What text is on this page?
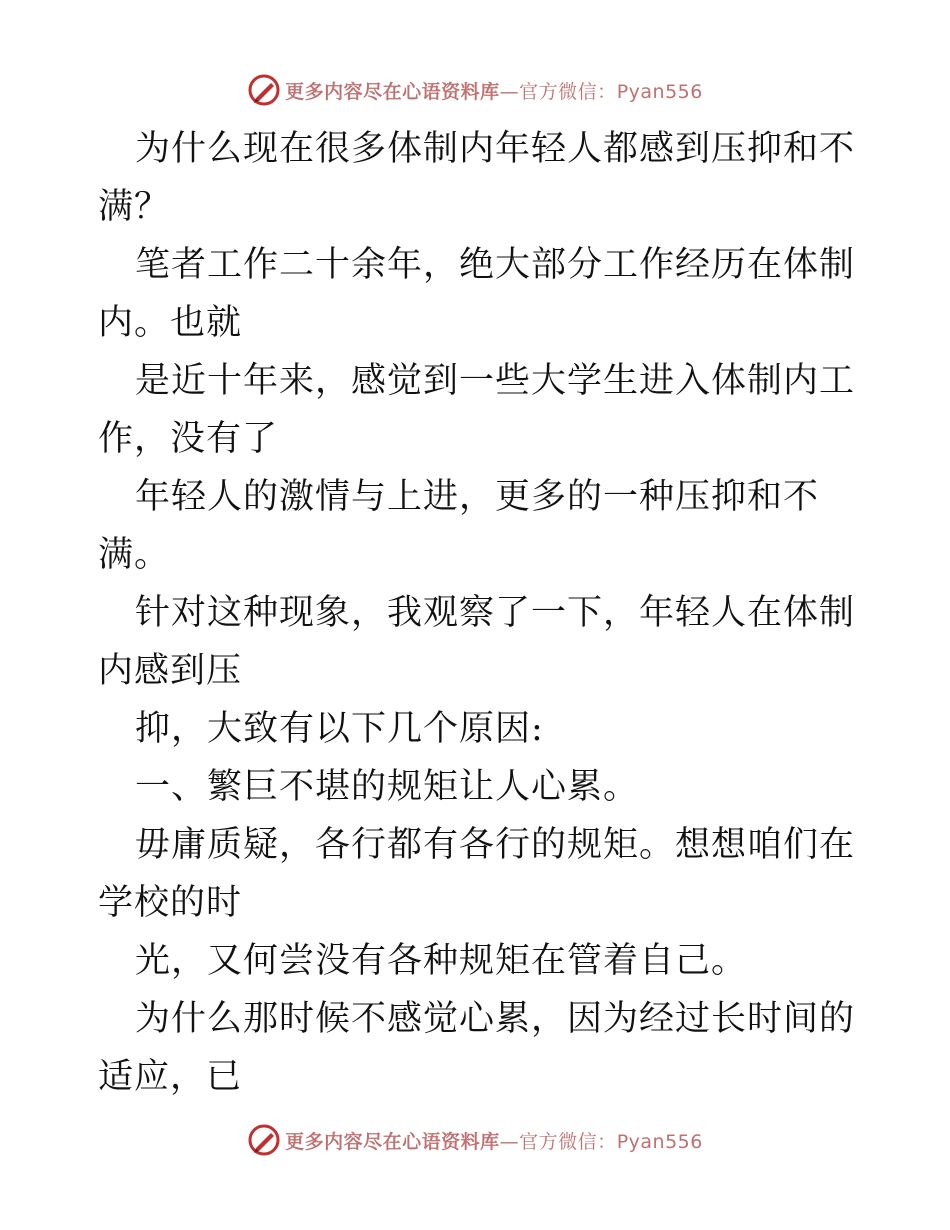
更多内容尽在心语资料库—官方微信：Pyan556

为什么现在很多体制内年轻人都感到压抑和不满？

笔者工作二十余年，绝大部分工作经历在体制内。也就

是近十年来，感觉到一些大学生进入体制内工作，没有了

年轻人的激情与上进，更多的一种压抑和不满。

针对这种现象，我观察了一下，年轻人在体制内感到压

抑，大致有以下几个原因:

一、繁巨不堪的规矩让人心累。

毋庸质疑，各行都有各行的规矩。想想咱们在学校的时

光，又何尝没有各种规矩在管着自己。

为什么那时候不感觉心累，因为经过长时间的适应，已

更多内容尽在心语资料库—官方微信：Pyan556
